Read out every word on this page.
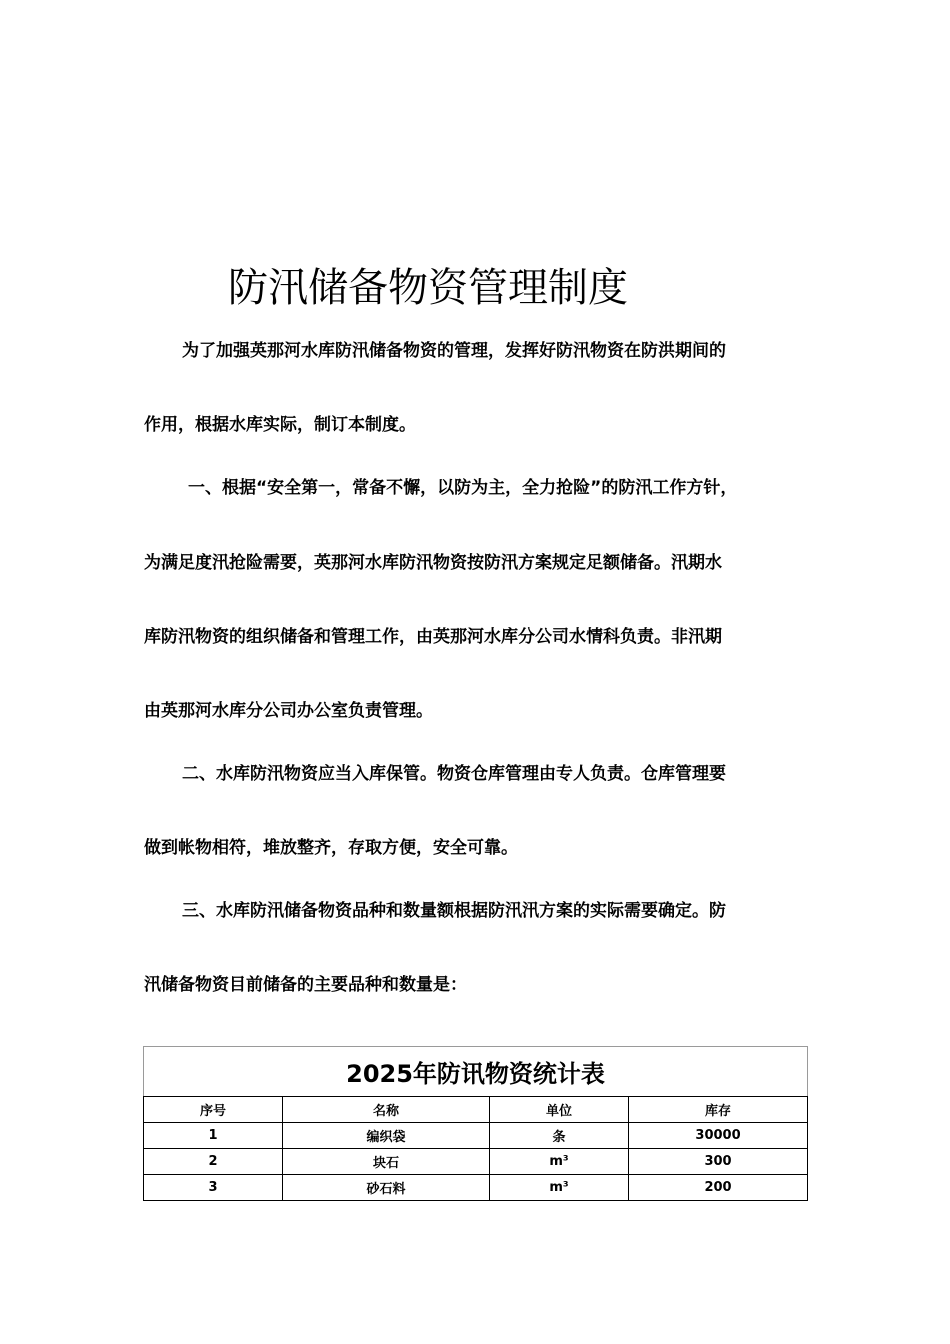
防汛储备物资管理制度
为了加强英那河水库防汛储备物资的管理，发挥好防汛物资在防洪期间的
作用，根据水库实际，制订本制度。
一、根据“安全第一，常备不懈，以防为主，全力抢险”的防汛工作方针，
为满足度汛抢险需要，英那河水库防汛物资按防汛方案规定足额储备。汛期水
库防汛物资的组织储备和管理工作，由英那河水库分公司水情科负责。非汛期
由英那河水库分公司办公室负责管理。
二、水库防汛物资应当入库保管。物资仓库管理由专人负责。仓库管理要
做到帐物相符，堆放整齐，存取方便，安全可靠。
三、水库防汛储备物资品种和数量额根据防汛汛方案的实际需要确定。防
汛储备物资目前储备的主要品种和数量是：
2025年防讯物资统计表			
序号	名称	单位	库存
1	编织袋	条	30000
2	块石	m³	300
3	砂石料	m³	200
